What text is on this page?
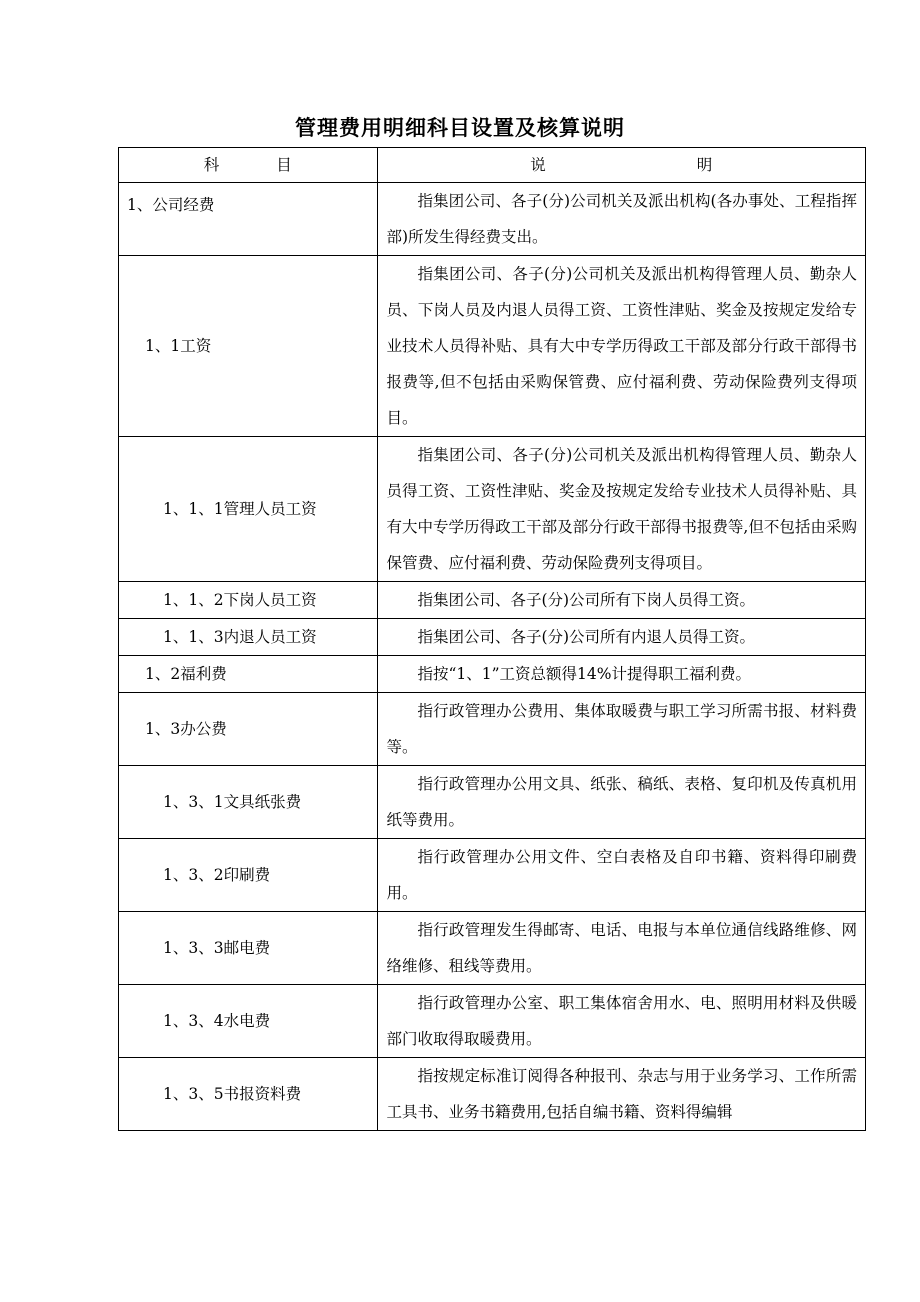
管理费用明细科目设置及核算说明
科 目	说 明
1、公司经费	指集团公司、各子(分)公司机关及派出机构(各办事处、工程指挥部)所发生得经费支出。
1、1工资	指集团公司、各子(分)公司机关及派出机构得管理人员、勤杂人员、下岗人员及内退人员得工资、工资性津贴、奖金及按规定发给专业技术人员得补贴、具有大中专学历得政工干部及部分行政干部得书报费等,但不包括由采购保管费、应付福利费、劳动保险费列支得项目。
1、1、1管理人员工资	指集团公司、各子(分)公司机关及派出机构得管理人员、勤杂人员得工资、工资性津贴、奖金及按规定发给专业技术人员得补贴、具有大中专学历得政工干部及部分行政干部得书报费等,但不包括由采购保管费、应付福利费、劳动保险费列支得项目。
1、1、2下岗人员工资	指集团公司、各子(分)公司所有下岗人员得工资。
1、1、3内退人员工资	指集团公司、各子(分)公司所有内退人员得工资。
1、2福利费	指按“1、1”工资总额得14%计提得职工福利费。
1、3办公费	指行政管理办公费用、集体取暖费与职工学习所需书报、材料费等。
1、3、1文具纸张费	指行政管理办公用文具、纸张、稿纸、表格、复印机及传真机用纸等费用。
1、3、2印刷费	指行政管理办公用文件、空白表格及自印书籍、资料得印刷费用。
1、3、3邮电费	指行政管理发生得邮寄、电话、电报与本单位通信线路维修、网络维修、租线等费用。
1、3、4水电费	指行政管理办公室、职工集体宿舍用水、电、照明用材料及供暖部门收取得取暖费用。
1、3、5书报资料费	指按规定标准订阅得各种报刊、杂志与用于业务学习、工作所需工具书、业务书籍费用,包括自编书籍、资料得编辑
